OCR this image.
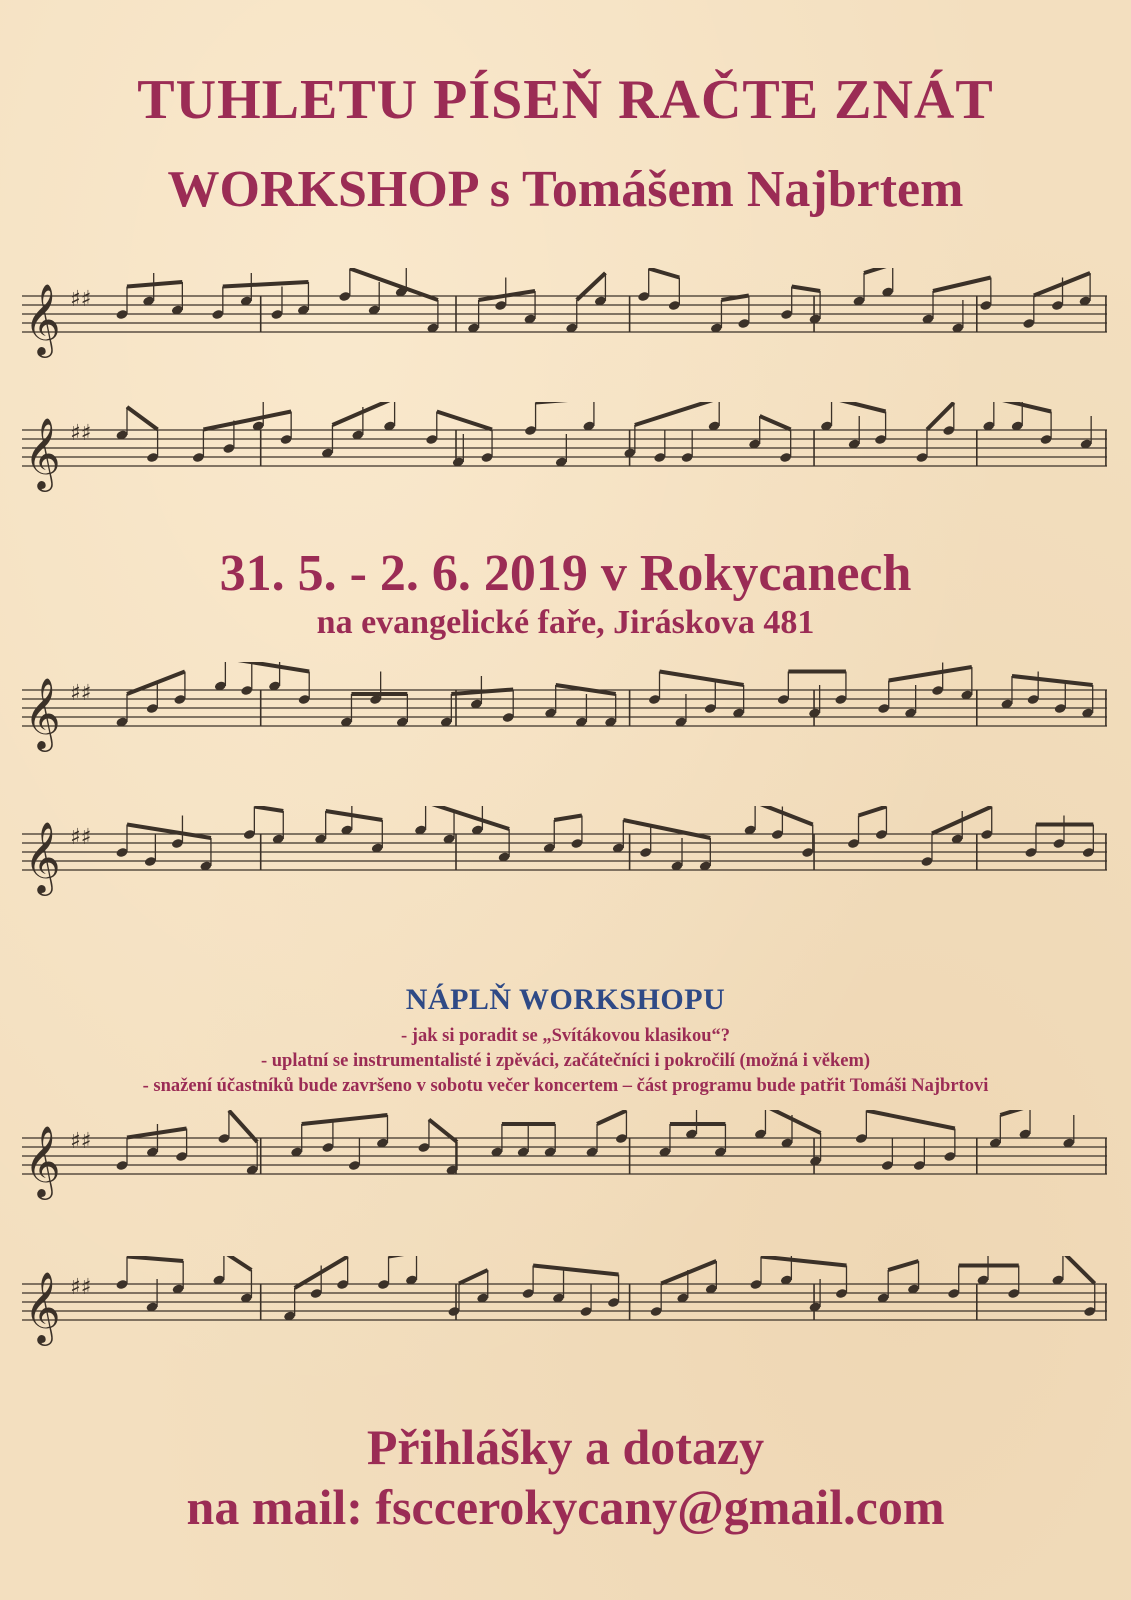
TUHLETU PÍSEŇ RAČTE ZNÁT
WORKSHOP s Tomášem Najbrtem
𝄞 ♯♯
𝄞 ♯♯
31. 5. - 2. 6. 2019 v Rokycanech
na evangelické faře, Jiráskova 481
𝄞 ♯♯
𝄞 ♯♯
NÁPLŇ WORKSHOPU
- jak si poradit se „Svítákovou klasikou“?
- uplatní se instrumentalisté i zpěváci, začátečníci i pokročilí (možná i věkem)
- snažení účastníků bude završeno v sobotu večer koncertem – část programu bude patřit Tomáši Najbrtovi
𝄞 ♯♯
𝄞 ♯♯
Přihlášky a dotazy
na mail: fsccerokycany@gmail.com
